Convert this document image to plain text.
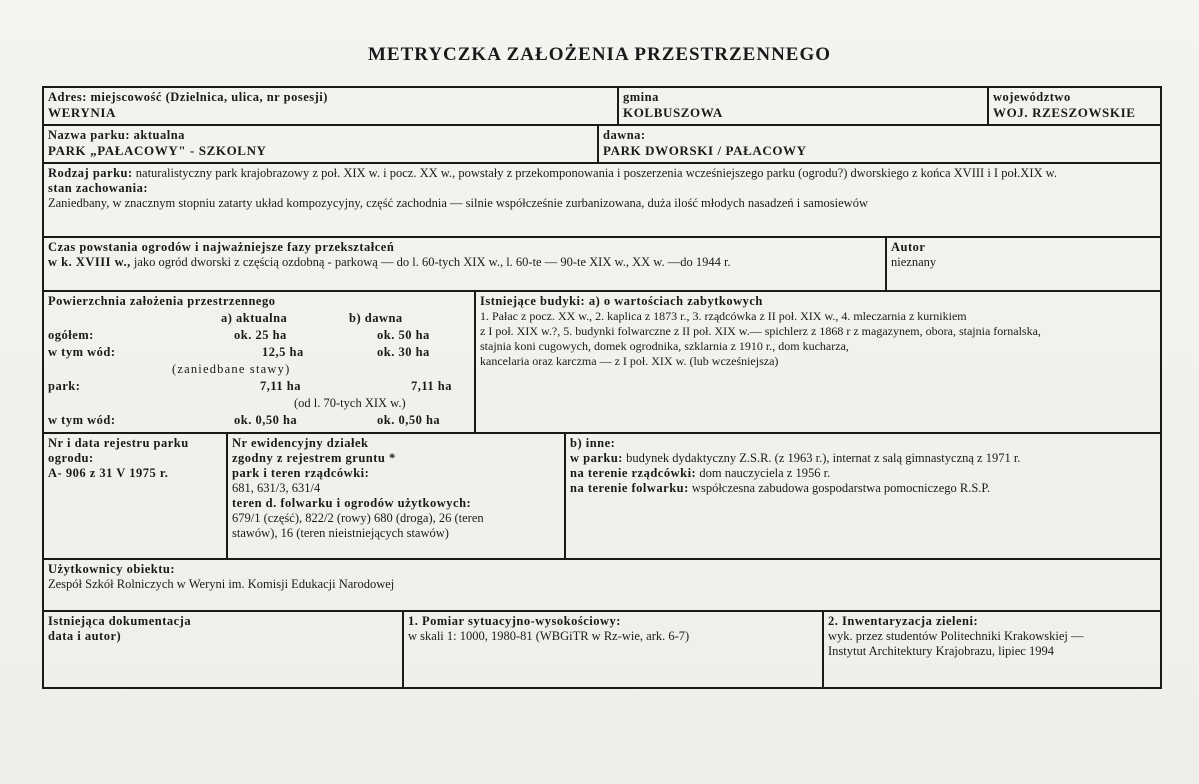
METRYCZKA ZAŁOŻENIA PRZESTRZENNEGO
Adres: miejscowość (Dzielnica, ulica, nr posesji)
WERYNIA
gmina
KOLBUSZOWA
województwo
WOJ. RZESZOWSKIE
Nazwa parku: aktualna
PARK „PAŁACOWY" - SZKOLNY
dawna:
PARK DWORSKI / PAŁACOWY
Rodzaj parku: naturalistyczny park krajobrazowy z poł. XIX w. i pocz. XX w., powstały z przekomponowania i poszerzenia wcześniejszego parku (ogrodu?) dworskiego z końca XVIII i I poł.XIX w.
stan zachowania:
Zaniedbany, w znacznym stopniu zatarty układ kompozycyjny, część zachodnia — silnie współcześnie zurbanizowana, duża ilość młodych nasadzeń i samosiewów
Czas powstania ogrodów i najważniejsze fazy przekształceń
w k. XVIII w., jako ogród dworski z częścią ozdobną - parkową — do l. 60-tych XIX w., l. 60-te — 90-te XIX w., XX w. —do 1944 r.
Autor
nieznany
Powierzchnia założenia przestrzennego
a) aktualna	b) dawna
ogółem:	ok. 25 ha	ok. 50 ha
w tym wód:	12,5 ha	ok. 30 ha
(zaniedbane stawy)
park:	7,11 ha	7,11 ha
(od l. 70-tych XIX w.)
w tym wód:	ok. 0,50 ha	ok. 0,50 ha
Istniejące budyki: a) o wartościach zabytkowych
1. Pałac z pocz. XX w., 2. kaplica z 1873 r., 3. rządcówka z II poł. XIX w., 4. mleczarnia z kurnikiem
z I poł. XIX w.?, 5. budynki folwarczne z II poł. XIX w.— spichlerz z 1868 r z magazynem, obora, stajnia fornalska,
stajnia koni cugowych, domek ogrodnika, szklarnia z 1910 r., dom kucharza,
kancelaria oraz karczma — z I poł. XIX w. (lub wcześniejsza)
Nr i data rejestru parku
ogrodu:
A- 906 z 31 V 1975 r.
Nr ewidencyjny działek
zgodny z rejestrem gruntu *
park i teren rządcówki:
681, 631/3, 631/4
teren d. folwarku i ogrodów użytkowych:
679/1 (część), 822/2 (rowy) 680 (droga), 26 (teren
stawów), 16 (teren nieistniejących stawów)
b) inne:
w parku: budynek dydaktyczny Z.S.R. (z 1963 r.), internat z salą gimnastyczną z 1971 r.
na terenie rządcówki: dom nauczyciela z 1956 r.
na terenie folwarku: współczesna zabudowa gospodarstwa pomocniczego R.S.P.
Użytkownicy obiektu:
Zespół Szkół Rolniczych w Weryni im. Komisji Edukacji Narodowej
Istniejąca dokumentacja
data i autor)
1. Pomiar sytuacyjno-wysokościowy:
w skali 1: 1000, 1980-81 (WBGiTR w Rz-wie, ark. 6-7)
2. Inwentaryzacja zieleni:
wyk. przez studentów Politechniki Krakowskiej —
Instytut Architektury Krajobrazu, lipiec 1994
